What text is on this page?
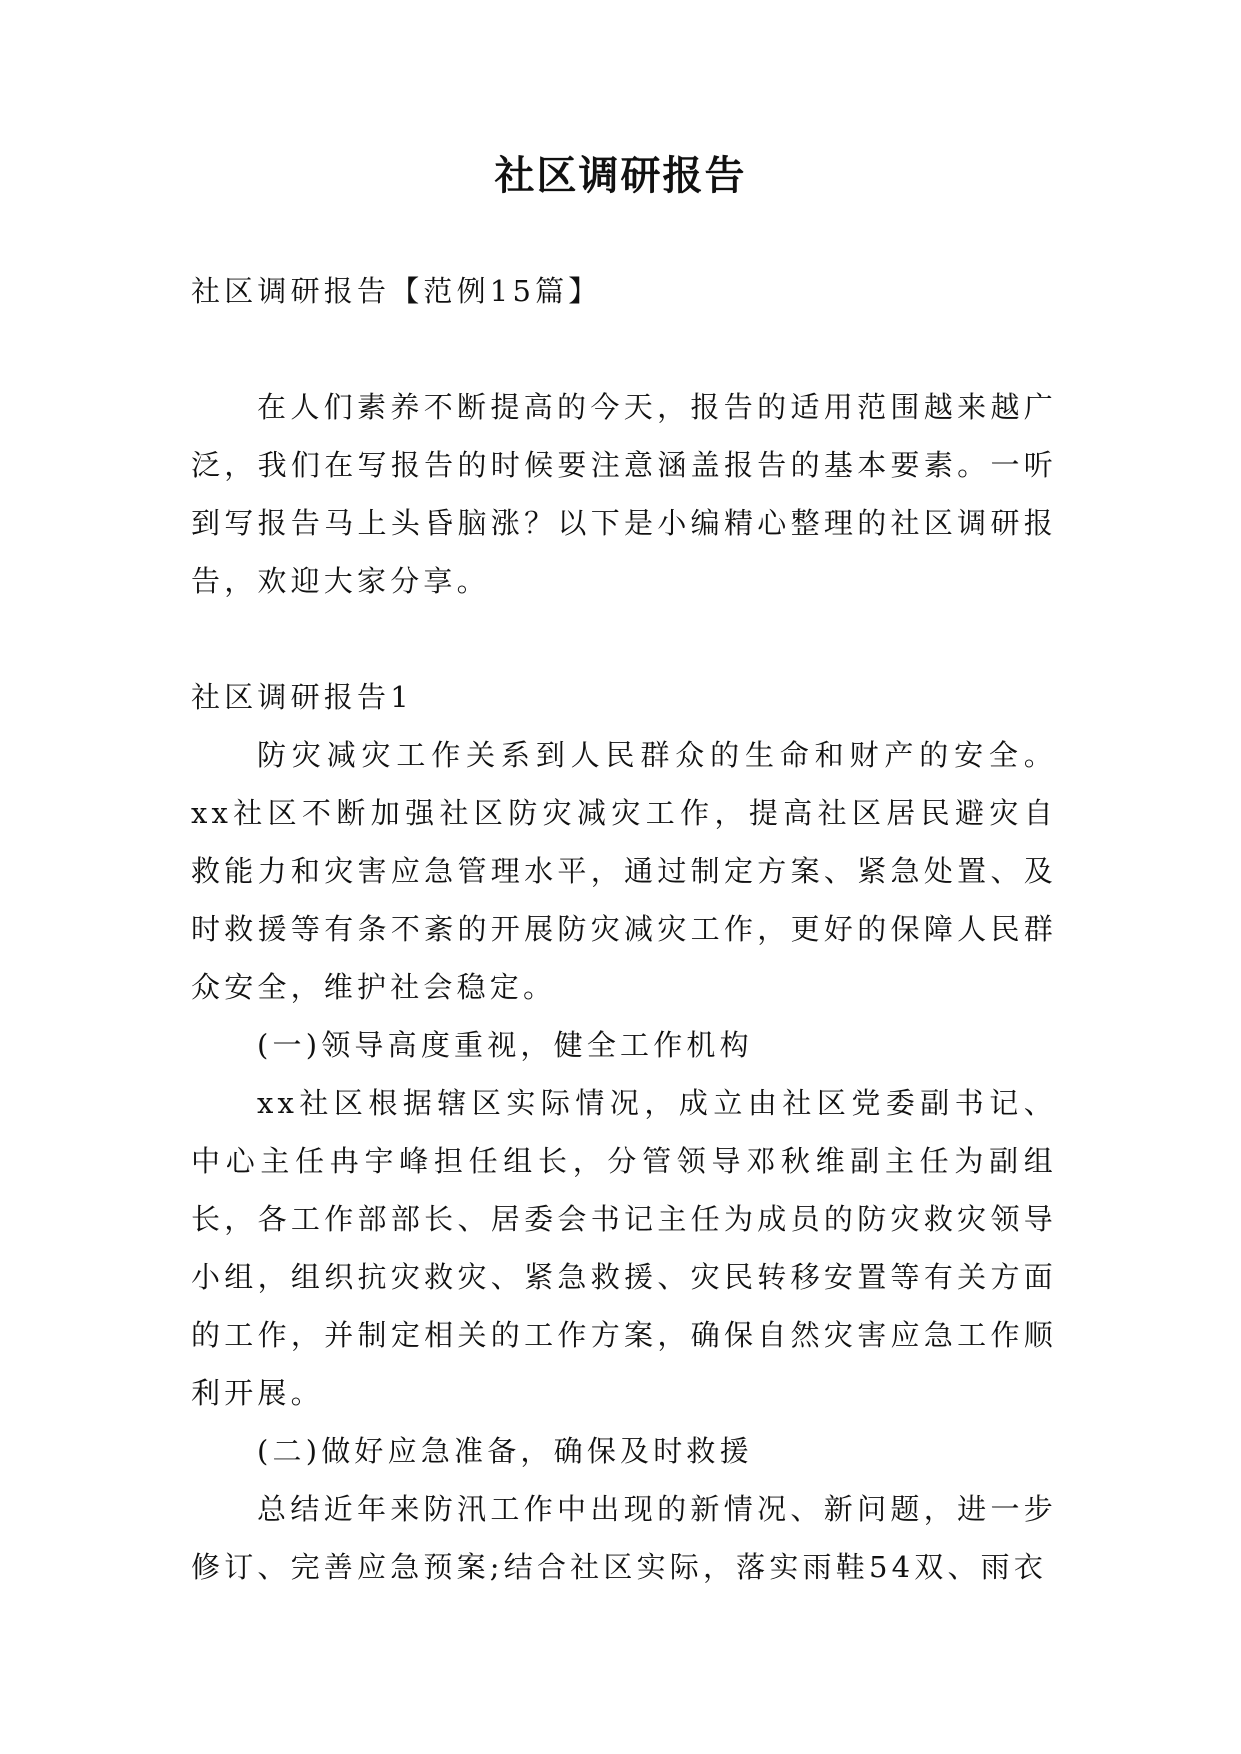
社区调研报告

社区调研报告【范例15篇】

在人们素养不断提高的今天，报告的适用范围越来越广泛，我们在写报告的时候要注意涵盖报告的基本要素。一听到写报告马上头昏脑涨？以下是小编精心整理的社区调研报告，欢迎大家分享。

社区调研报告1

防灾减灾工作关系到人民群众的生命和财产的安全。xx社区不断加强社区防灾减灾工作，提高社区居民避灾自救能力和灾害应急管理水平，通过制定方案、紧急处置、及时救援等有条不紊的开展防灾减灾工作，更好的保障人民群众安全，维护社会稳定。

(一)领导高度重视，健全工作机构

xx社区根据辖区实际情况，成立由社区党委副书记、中心主任冉宇峰担任组长，分管领导邓秋维副主任为副组长，各工作部部长、居委会书记主任为成员的防灾救灾领导小组，组织抗灾救灾、紧急救援、灾民转移安置等有关方面的工作，并制定相关的工作方案，确保自然灾害应急工作顺利开展。

(二)做好应急准备，确保及时救援

总结近年来防汛工作中出现的新情况、新问题，进一步修订、完善应急预案;结合社区实际，落实雨鞋54双、雨衣
